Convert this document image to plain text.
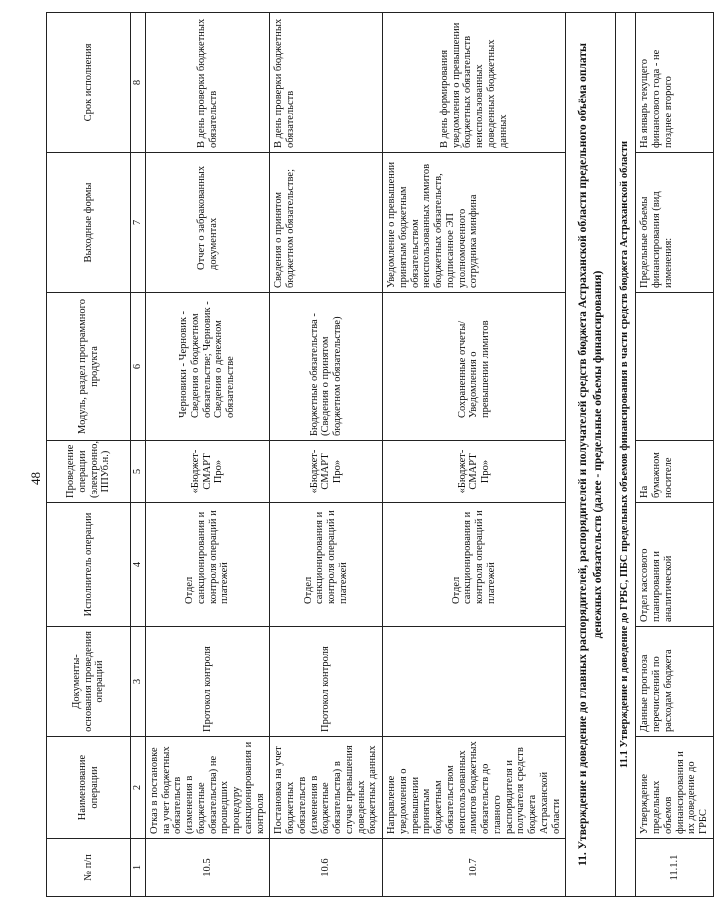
48
№ п/п	Наименование операции	Документы-основания проведения операций	Исполнитель операции	Проведение операции (электронно, ППУб.н.)	Модуль, раздел программного продукта	Выходные формы	Срок исполнения
1	2	3	4	5	6	7	8
10.5	Отказ в постановке на учет бюджетных обязательств (изменения в бюджетные обязательства) не прошедших процедуру санкционирования и контроля	Протокол контроля	Отдел санкционирования и контроля операций и платежей	«Бюджет-СМАРТ Про»	Черновики - Черновик - Сведения о бюджетном обязательстве; Черновик - Сведения о денежном обязательстве	Отчет о забракованных документах	В день проверки бюджетных обязательств
10.6	Постановка на учет бюджетных обязательств (изменения в бюджетные обязательства) в случае превышения доведенных бюджетных данных	Протокол контроля	Отдел санкционирования и контроля операций и платежей	«Бюджет-СМАРТ Про»	Бюджетные обязательства - (Сведения о принятом бюджетном обязательстве)	Сведения о принятом бюджетном обязательстве;	В день проверки бюджетных обязательств
10.7	Направление уведомления о превышении принятым бюджетным обязательством неиспользованных лимитов бюджетных обязательств до главного распорядителя и получателя средств бюджета Астраханской области		Отдел санкционирования и контроля операций и платежей	«Бюджет-СМАРТ Про»	Сохраненные отчеты/ Уведомления о превышении лимитов	Уведомление о превышении принятым бюджетным обязательством неиспользованных лимитов бюджетных обязательств, подписанное ЭП уполномоченного сотрудника минфина	В день формирования уведомления о превышении бюджетных обязательств неиспользованных доведенных бюджетных данных
11. Утверждение и доведение до главных распорядителей, распорядителей и получателей средств бюджета Астраханской области предельного объёма оплаты денежных обязательств (далее - предельные объемы финансирования)							
11.1 Утверждение и доведение до ГРБС, ПБС предельных объемов финансирования в части средств бюджета Астраханской области							
11.1.1	Утверждение предельных объемов финансирования и их доведение до ГРБС	Данные прогноза перечислений по расходам бюджета	Отдел кассового планирования и аналитической	На бумажном носителе		Предельные объемы финансирования (вид изменения:	На январь текущего финансового года - не позднее второго
